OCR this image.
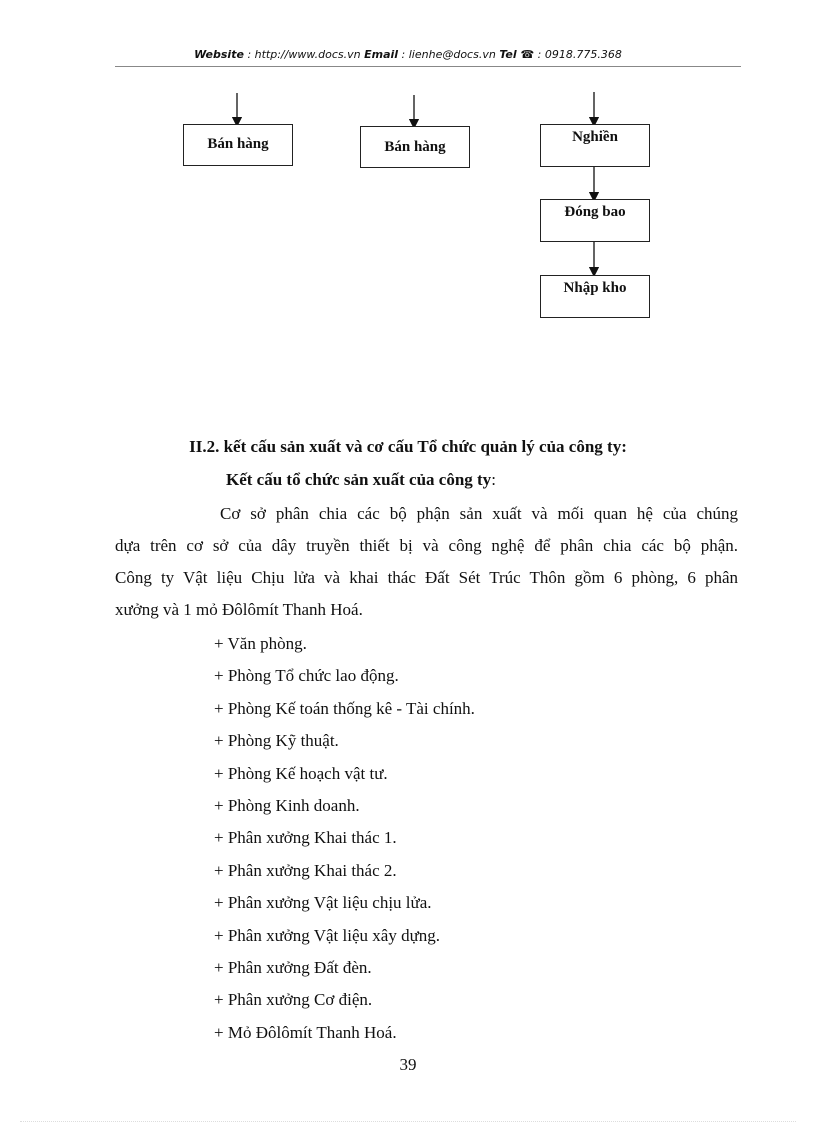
Website : http://www.docs.vn Email : lienhe@docs.vn Tel ☎ : 0918.775.368
Bán hàng	Bán hàng
Nghiền
Đóng bao
Nhập kho
II.2. kết cấu sản xuất và cơ cấu Tổ chức quản lý của công ty:
Kết cấu tổ chức sản xuất của công ty:
Cơ sở phân chia các bộ phận sản xuất và mối quan hệ của chúng
dựa trên cơ sở của dây truyền thiết bị và công nghệ để phân chia các bộ phận.
Công ty Vật liệu Chịu lửa và khai thác Đất Sét Trúc Thôn gồm 6 phòng, 6 phân
xưởng và 1 mỏ Đôlômít Thanh Hoá.
+ Văn phòng.
+ Phòng Tổ chức lao động.
+ Phòng Kế toán thống kê - Tài chính.
+ Phòng Kỹ thuật.
+ Phòng Kế hoạch vật tư.
+ Phòng Kinh doanh.
+ Phân xưởng Khai thác 1.
+ Phân xưởng Khai thác 2.
+ Phân xưởng Vật liệu chịu lửa.
+ Phân xưởng Vật liệu xây dựng.
+ Phân xưởng Đất đèn.
+ Phân xưởng Cơ điện.
+ Mỏ Đôlômít Thanh Hoá.
39
